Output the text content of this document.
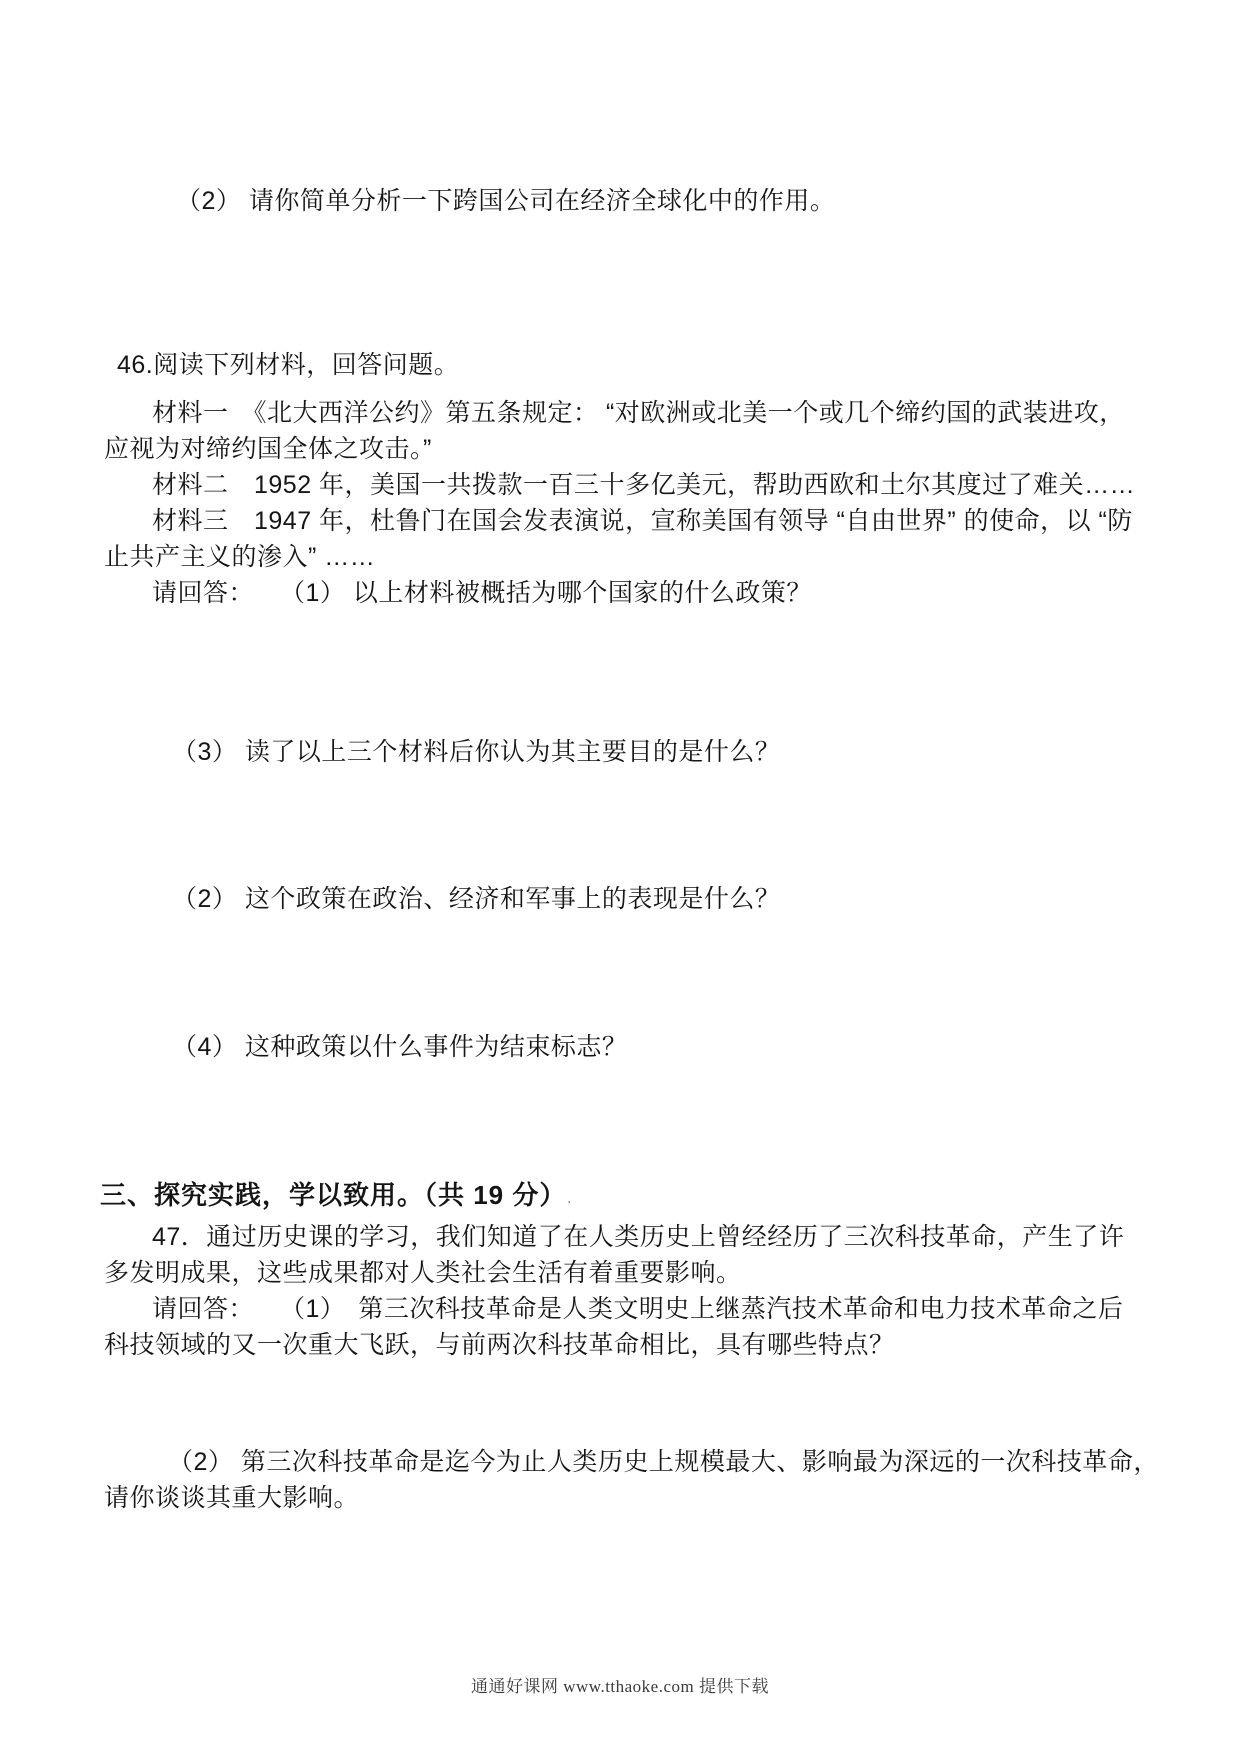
（2） 请你简单分析一下跨国公司在经济全球化中的作用。
46.阅读下列材料，回答问题。
材料一　《北大西洋公约》第五条规定： “对欧洲或北美一个或几个缔约国的武装进攻，
应视为对缔约国全体之攻击。”
材料二　1952 年，美国一共拨款一百三十多亿美元，帮助西欧和土尔其度过了难关……
材料三　1947 年，杜鲁门在国会发表演说，宣称美国有领导 “自由世界” 的使命，以 “防
止共产主义的渗入” ……
请回答：　　（1） 以上材料被概括为哪个国家的什么政策？
（3） 读了以上三个材料后你认为其主要目的是什么？
（2） 这个政策在政治、经济和军事上的表现是什么？
（4） 这种政策以什么事件为结束标志？
三、探究实践，学以致用。（共 19 分） .
47．通过历史课的学习，我们知道了在人类历史上曾经经历了三次科技革命，产生了许
多发明成果，这些成果都对人类社会生活有着重要影响。
请回答：　　（1）　第三次科技革命是人类文明史上继蒸汽技术革命和电力技术革命之后
科技领域的又一次重大飞跃，与前两次科技革命相比，具有哪些特点？
（2） 第三次科技革命是迄今为止人类历史上规模最大、影响最为深远的一次科技革命，
请你谈谈其重大影响。
通通好课网 www.tthaoke.com 提供下载
